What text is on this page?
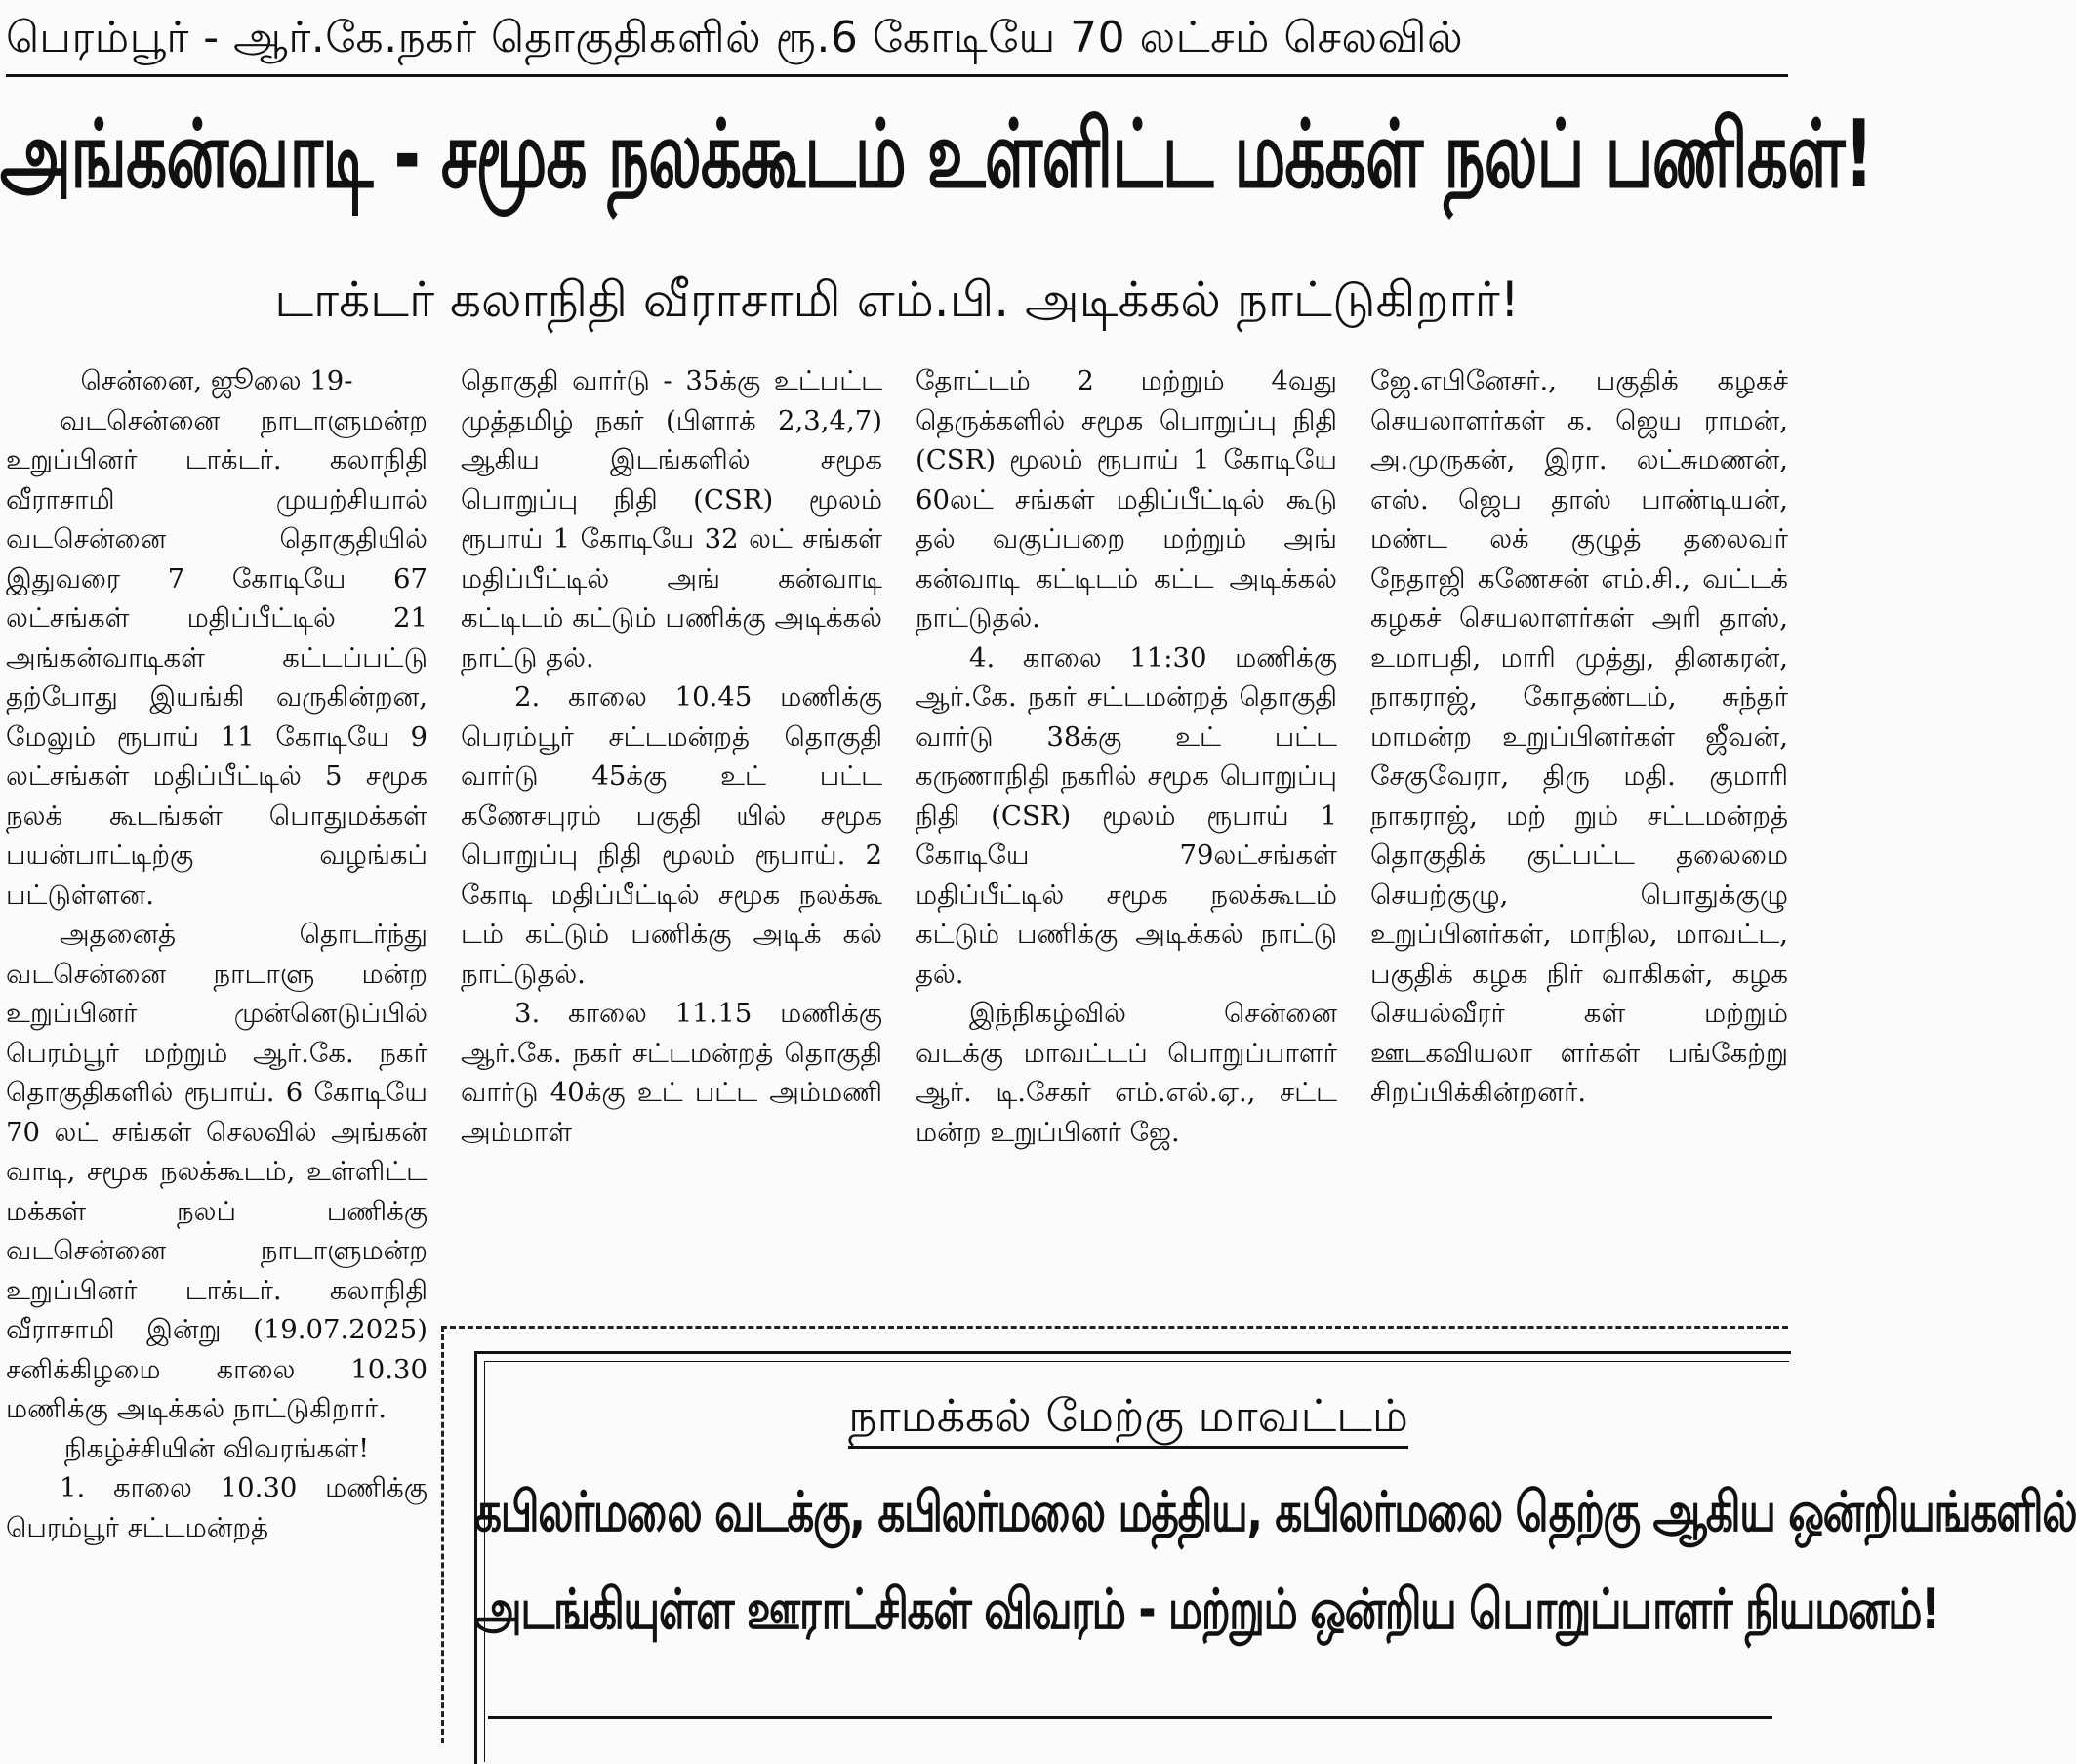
பெரம்பூர் - ஆர்.கே.நகர் தொகுதிகளில் ரூ.6 கோடியே 70 லட்சம் செலவில்
அங்கன்வாடி - சமூக நலக்கூடம் உள்ளிட்ட மக்கள் நலப் பணிகள்!
டாக்டர் கலாநிதி வீராசாமி எம்.பி. அடிக்கல் நாட்டுகிறார்!

சென்னை, ஜூலை 19-

வடசென்னை நாடாளுமன்ற உறுப்பினர் டாக்டர். கலாநிதி வீராசாமி முயற்சியால் வடசென்னை தொகுதியில் இதுவரை 7 கோடியே 67 லட்சங்கள் மதிப்பீட்டில் 21 அங்கன்வாடிகள் கட்டப்பட்டு தற்போது இயங்கி வருகின்றன, மேலும் ரூபாய் 11 கோடியே 9 லட்சங்கள் மதிப்பீட்டில் 5 சமூக நலக் கூடங்கள் பொதுமக்கள் பயன்பாட்டிற்கு வழங்கப் பட்டுள்ளன.

அதனைத் தொடர்ந்து வடசென்னை நாடாளு மன்ற உறுப்பினர் முன்னெடுப்பில் பெரம்பூர் மற்றும் ஆர்.கே. நகர் தொகுதிகளில் ரூபாய். 6 கோடியே 70 லட் சங்கள் செலவில் அங்கன் வாடி, சமூக நலக்கூடம், உள்ளிட்ட மக்கள் நலப் பணிக்கு வடசென்னை நாடாளுமன்ற உறுப்பினர் டாக்டர். கலாநிதி வீராசாமி இன்று (19.07.2025) சனிக்கிழமை காலை 10.30 மணிக்கு அடிக்கல் நாட்டுகிறார்.

நிகழ்ச்சியின் விவரங்கள்!

1. காலை 10.30 மணிக்கு பெரம்பூர் சட்டமன்றத்

தொகுதி வார்டு - 35க்கு உட்பட்ட முத்தமிழ் நகர் (பிளாக் 2,3,4,7) ஆகிய இடங்களில் சமூக பொறுப்பு நிதி (CSR) மூலம் ரூபாய் 1 கோடியே 32 லட் சங்கள் மதிப்பீட்டில் அங் கன்வாடி கட்டிடம் கட்டும் பணிக்கு அடிக்கல் நாட்டு தல்.

2. காலை 10.45 மணிக்கு பெரம்பூர் சட்டமன்றத் தொகுதி வார்டு 45க்கு உட் பட்ட கணேசபுரம் பகுதி யில் சமூக பொறுப்பு நிதி மூலம் ரூபாய். 2 கோடி மதிப்பீட்டில் சமூக நலக்கூ டம் கட்டும் பணிக்கு அடிக் கல் நாட்டுதல்.

3. காலை 11.15 மணிக்கு ஆர்.கே. நகர் சட்டமன்றத் தொகுதி வார்டு 40க்கு உட் பட்ட அம்மணி அம்மாள்

தோட்டம் 2 மற்றும் 4வது தெருக்களில் சமூக பொறுப்பு நிதி (CSR) மூலம் ரூபாய் 1 கோடியே 60லட் சங்கள் மதிப்பீட்டில் கூடு தல் வகுப்பறை மற்றும் அங் கன்வாடி கட்டிடம் கட்ட அடிக்கல் நாட்டுதல்.

4. காலை 11:30 மணிக்கு ஆர்.கே. நகர் சட்டமன்றத் தொகுதி வார்டு 38க்கு உட் பட்ட கருணாநிதி நகரில் சமூக பொறுப்பு நிதி (CSR) மூலம் ரூபாய் 1 கோடியே 79லட்சங்கள் மதிப்பீட்டில் சமூக நலக்கூடம் கட்டும் பணிக்கு அடிக்கல் நாட்டு தல்.

இந்நிகழ்வில் சென்னை வடக்கு மாவட்டப் பொறுப்பாளர் ஆர். டி.சேகர் எம்.எல்.ஏ., சட்ட மன்ற உறுப்பினர் ஜே.

ஜே.எபினேசர்., பகுதிக் கழகச் செயலாளர்கள் க. ஜெய ராமன், அ.முருகன், இரா. லட்சுமணன், எஸ். ஜெப தாஸ் பாண்டியன், மண்ட லக் குழுத் தலைவர் நேதாஜி கணேசன் எம்.சி., வட்டக் கழகச் செயலாளர்கள் அரி தாஸ், உமாபதி, மாரி முத்து, தினகரன், நாகராஜ், கோதண்டம், சுந்தர் மாமன்ற உறுப்பினர்கள் ஜீவன், சேகுவேரா, திரு மதி. குமாரி நாகராஜ், மற் றும் சட்டமன்றத் தொகுதிக் குட்பட்ட தலைமை செயற்குழு, பொதுக்குழு உறுப்பினர்கள், மாநில, மாவட்ட, பகுதிக் கழக நிர் வாகிகள், கழக செயல்வீரர் கள் மற்றும் ஊடகவியலா ளர்கள் பங்கேற்று சிறப்பிக்கின்றனர்.

நாமக்கல் மேற்கு மாவட்டம்
கபிலர்மலை வடக்கு, கபிலர்மலை மத்திய, கபிலர்மலை தெற்கு ஆகிய ஒன்றியங்களில்
அடங்கியுள்ள ஊராட்சிகள் விவரம் - மற்றும் ஒன்றிய பொறுப்பாளர் நியமனம்!
